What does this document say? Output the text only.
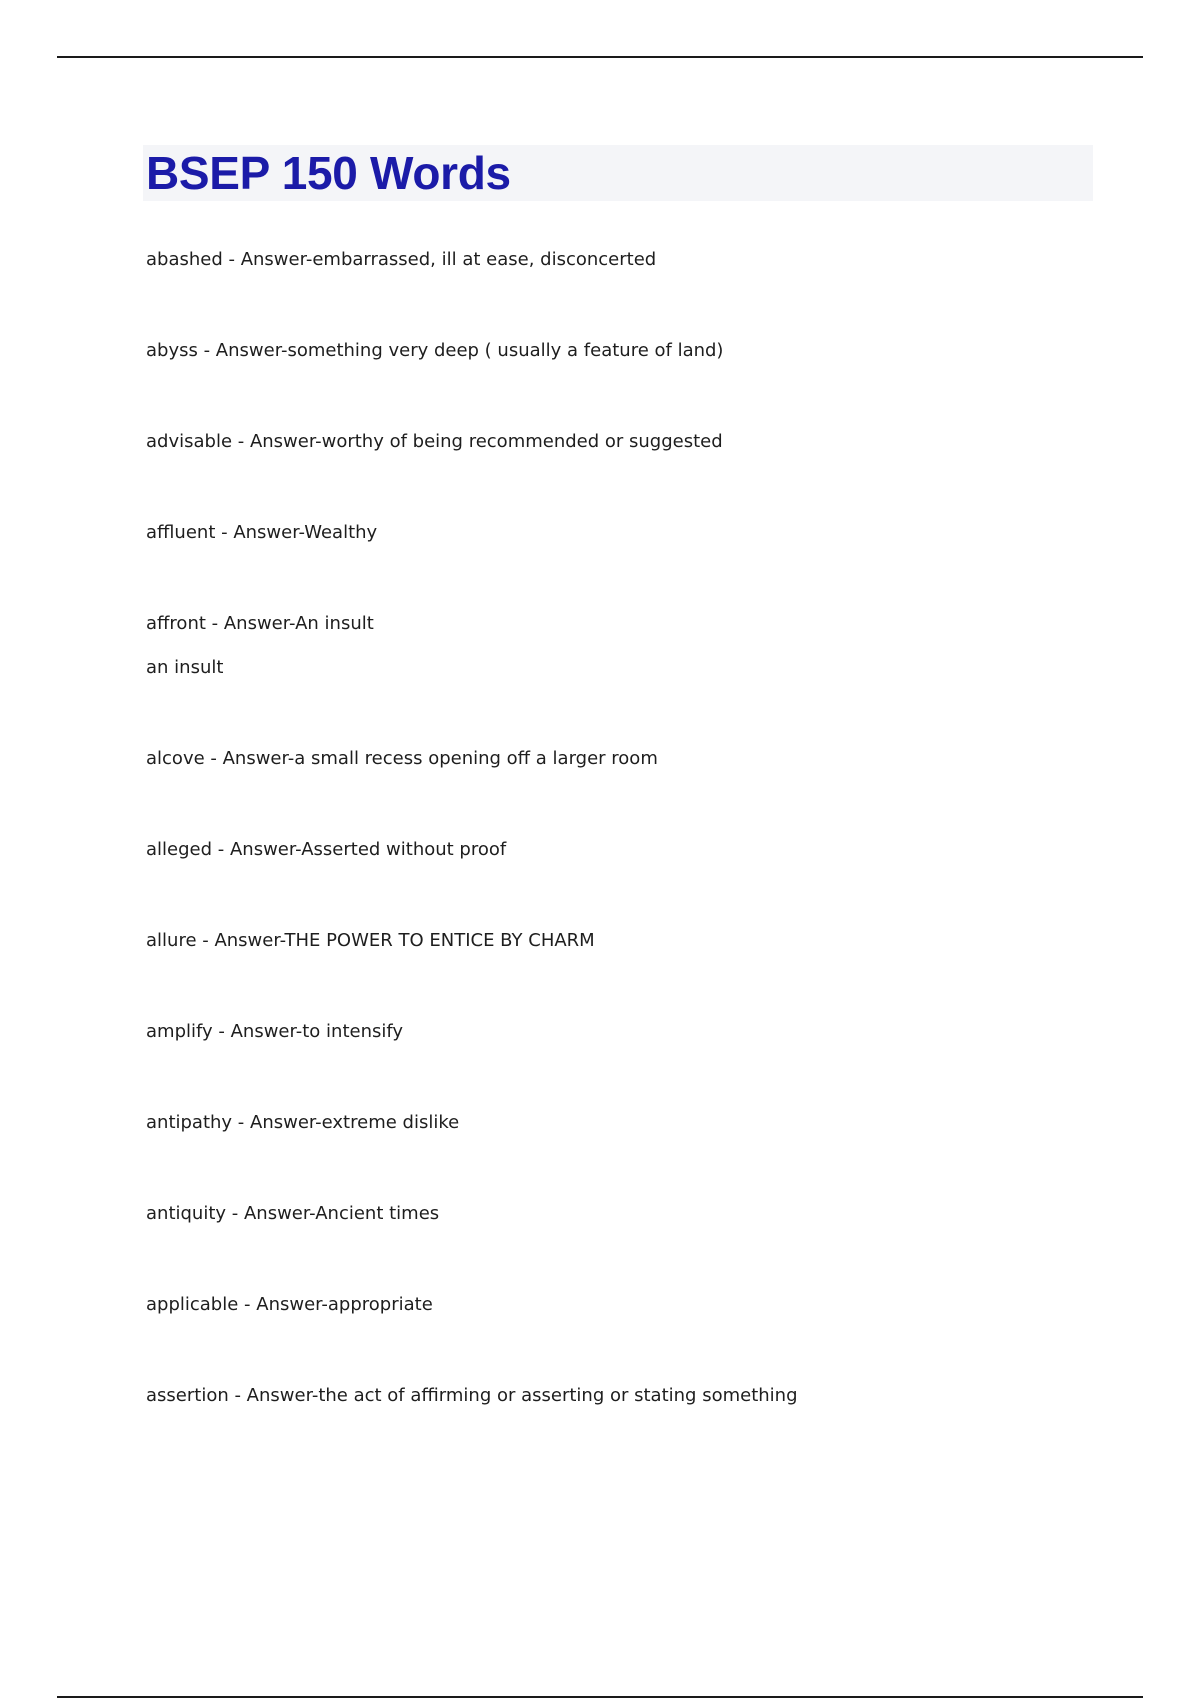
BSEP 150 Words
abashed - Answer-embarrassed, ill at ease, disconcerted
abyss - Answer-something very deep ( usually a feature of land)
advisable - Answer-worthy of being recommended or suggested
affluent - Answer-Wealthy
affront - Answer-An insult
an insult
alcove - Answer-a small recess opening off a larger room
alleged - Answer-Asserted without proof
allure - Answer-THE POWER TO ENTICE BY CHARM
amplify - Answer-to intensify
antipathy - Answer-extreme dislike
antiquity - Answer-Ancient times
applicable - Answer-appropriate
assertion - Answer-the act of affirming or asserting or stating something
